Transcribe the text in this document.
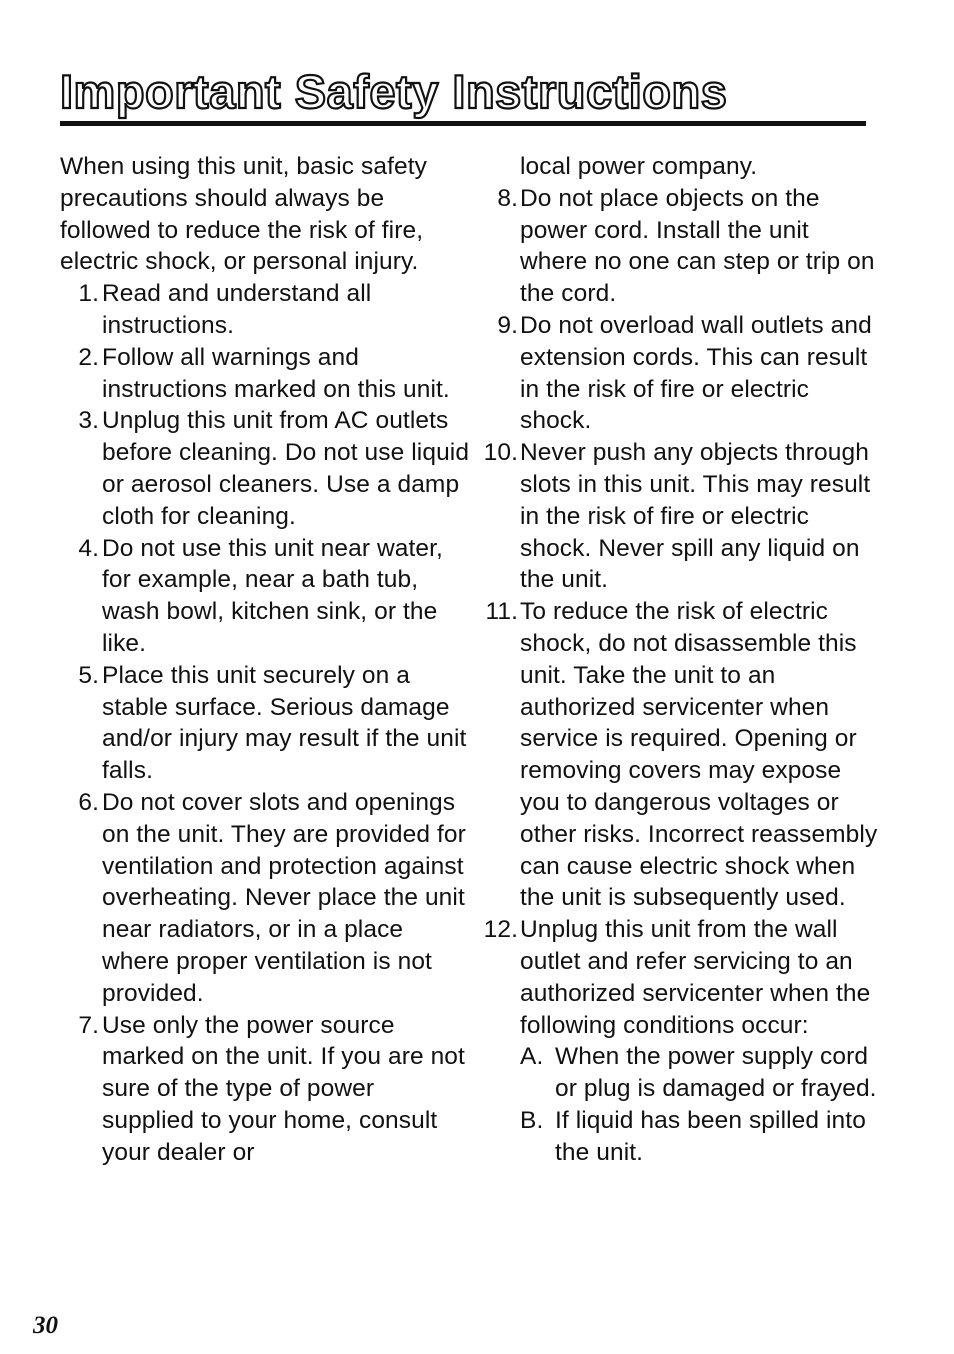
Important Safety Instructions

When using this unit, basic safety precautions should always be followed to reduce the risk of fire, electric shock, or personal injury.

1. Read and understand all instructions.
2. Follow all warnings and instructions marked on this unit.
3. Unplug this unit from AC outlets before cleaning. Do not use liquid or aerosol cleaners. Use a damp cloth for cleaning.
4. Do not use this unit near water, for example, near a bath tub, wash bowl, kitchen sink, or the like.
5. Place this unit securely on a stable surface. Serious damage and/or injury may result if the unit falls.
6. Do not cover slots and openings on the unit. They are provided for ventilation and protection against overheating. Never place the unit near radiators, or in a place where proper ventilation is not provided.
7. Use only the power source marked on the unit. If you are not sure of the type of power supplied to your home, consult your dealer or

local power company.

8. Do not place objects on the power cord. Install the unit where no one can step or trip on the cord.
9. Do not overload wall outlets and extension cords. This can result in the risk of fire or electric shock.
10. Never push any objects through slots in this unit. This may result in the risk of fire or electric shock. Never spill any liquid on the unit.
11. To reduce the risk of electric shock, do not disassemble this unit. Take the unit to an authorized servicenter when service is required. Opening or removing covers may expose you to dangerous voltages or other risks. Incorrect reassembly can cause electric shock when the unit is subsequently used.
12. Unplug this unit from the wall outlet and refer servicing to an authorized servicenter when the following conditions occur:
A. When the power supply cord or plug is damaged or frayed.
B. If liquid has been spilled into the unit.
30
